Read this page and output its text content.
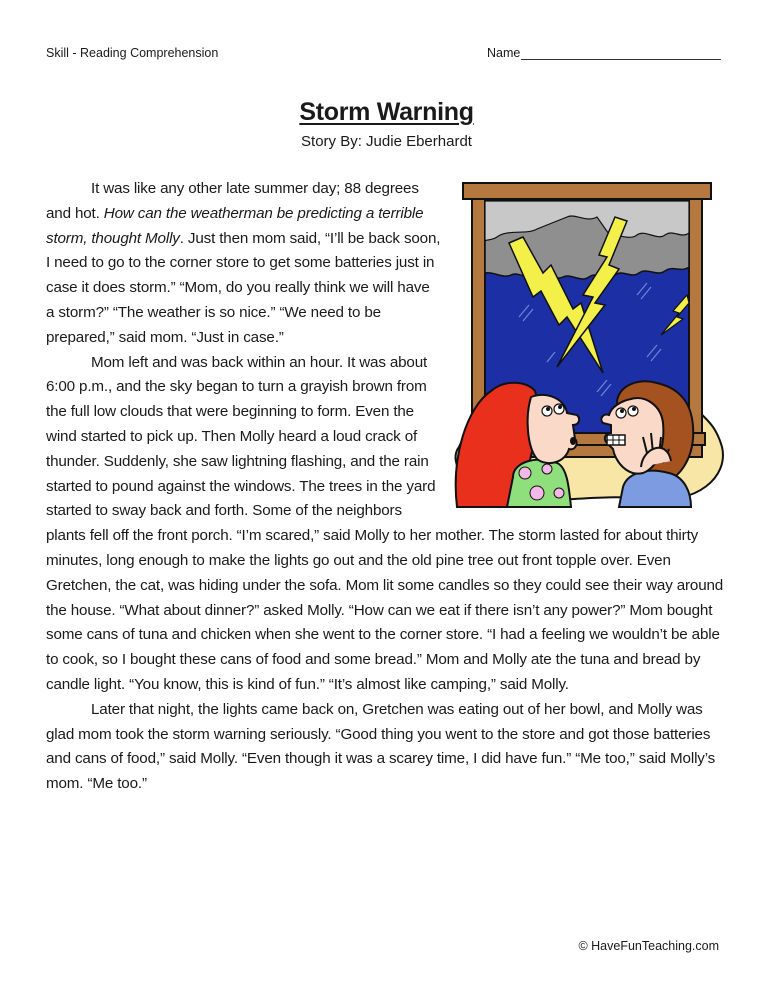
Skill - Reading Comprehension	Name
Storm Warning
Story By: Judie Eberhardt

It was like any other late summer day; 88 degrees and hot. How can the weatherman be predicting a terrible storm, thought Molly. Just then mom said, “I’ll be back soon, I need to go to the corner store to get some batteries just in case it does storm.” “Mom, do you really think we will have a storm?” “The weather is so nice.” “We need to be prepared,” said mom. “Just in case.”

Mom left and was back within an hour. It was about 6:00 p.m., and the sky began to turn a grayish brown from the full low clouds that were beginning to form. Even the wind started to pick up. Then Molly heard a loud crack of thunder. Suddenly, she saw lightning flashing, and the rain started to pound against the windows. The trees in the yard started to sway back and forth. Some of the neighbors plants fell off the front porch. “I’m scared,” said Molly to her mother. The storm lasted for about thirty minutes, long enough to make the lights go out and the old pine tree out front topple over. Even Gretchen, the cat, was hiding under the sofa. Mom lit some candles so they could see their way around the house. “What about dinner?” asked Molly. “How can we eat if there isn’t any power?” Mom bought some cans of tuna and chicken when she went to the corner store. “I had a feeling we wouldn’t be able to cook, so I bought these cans of food and some bread.” Mom and Molly ate the tuna and bread by candle light. “You know, this is kind of fun.” “It’s almost like camping,” said Molly.

Later that night, the lights came back on, Gretchen was eating out of her bowl, and Molly was glad mom took the storm warning seriously. “Good thing you went to the store and got those batteries and cans of food,” said Molly. “Even though it was a scarey time, I did have fun.” “Me too,” said Molly’s mom. “Me too.”

© HaveFunTeaching.com
